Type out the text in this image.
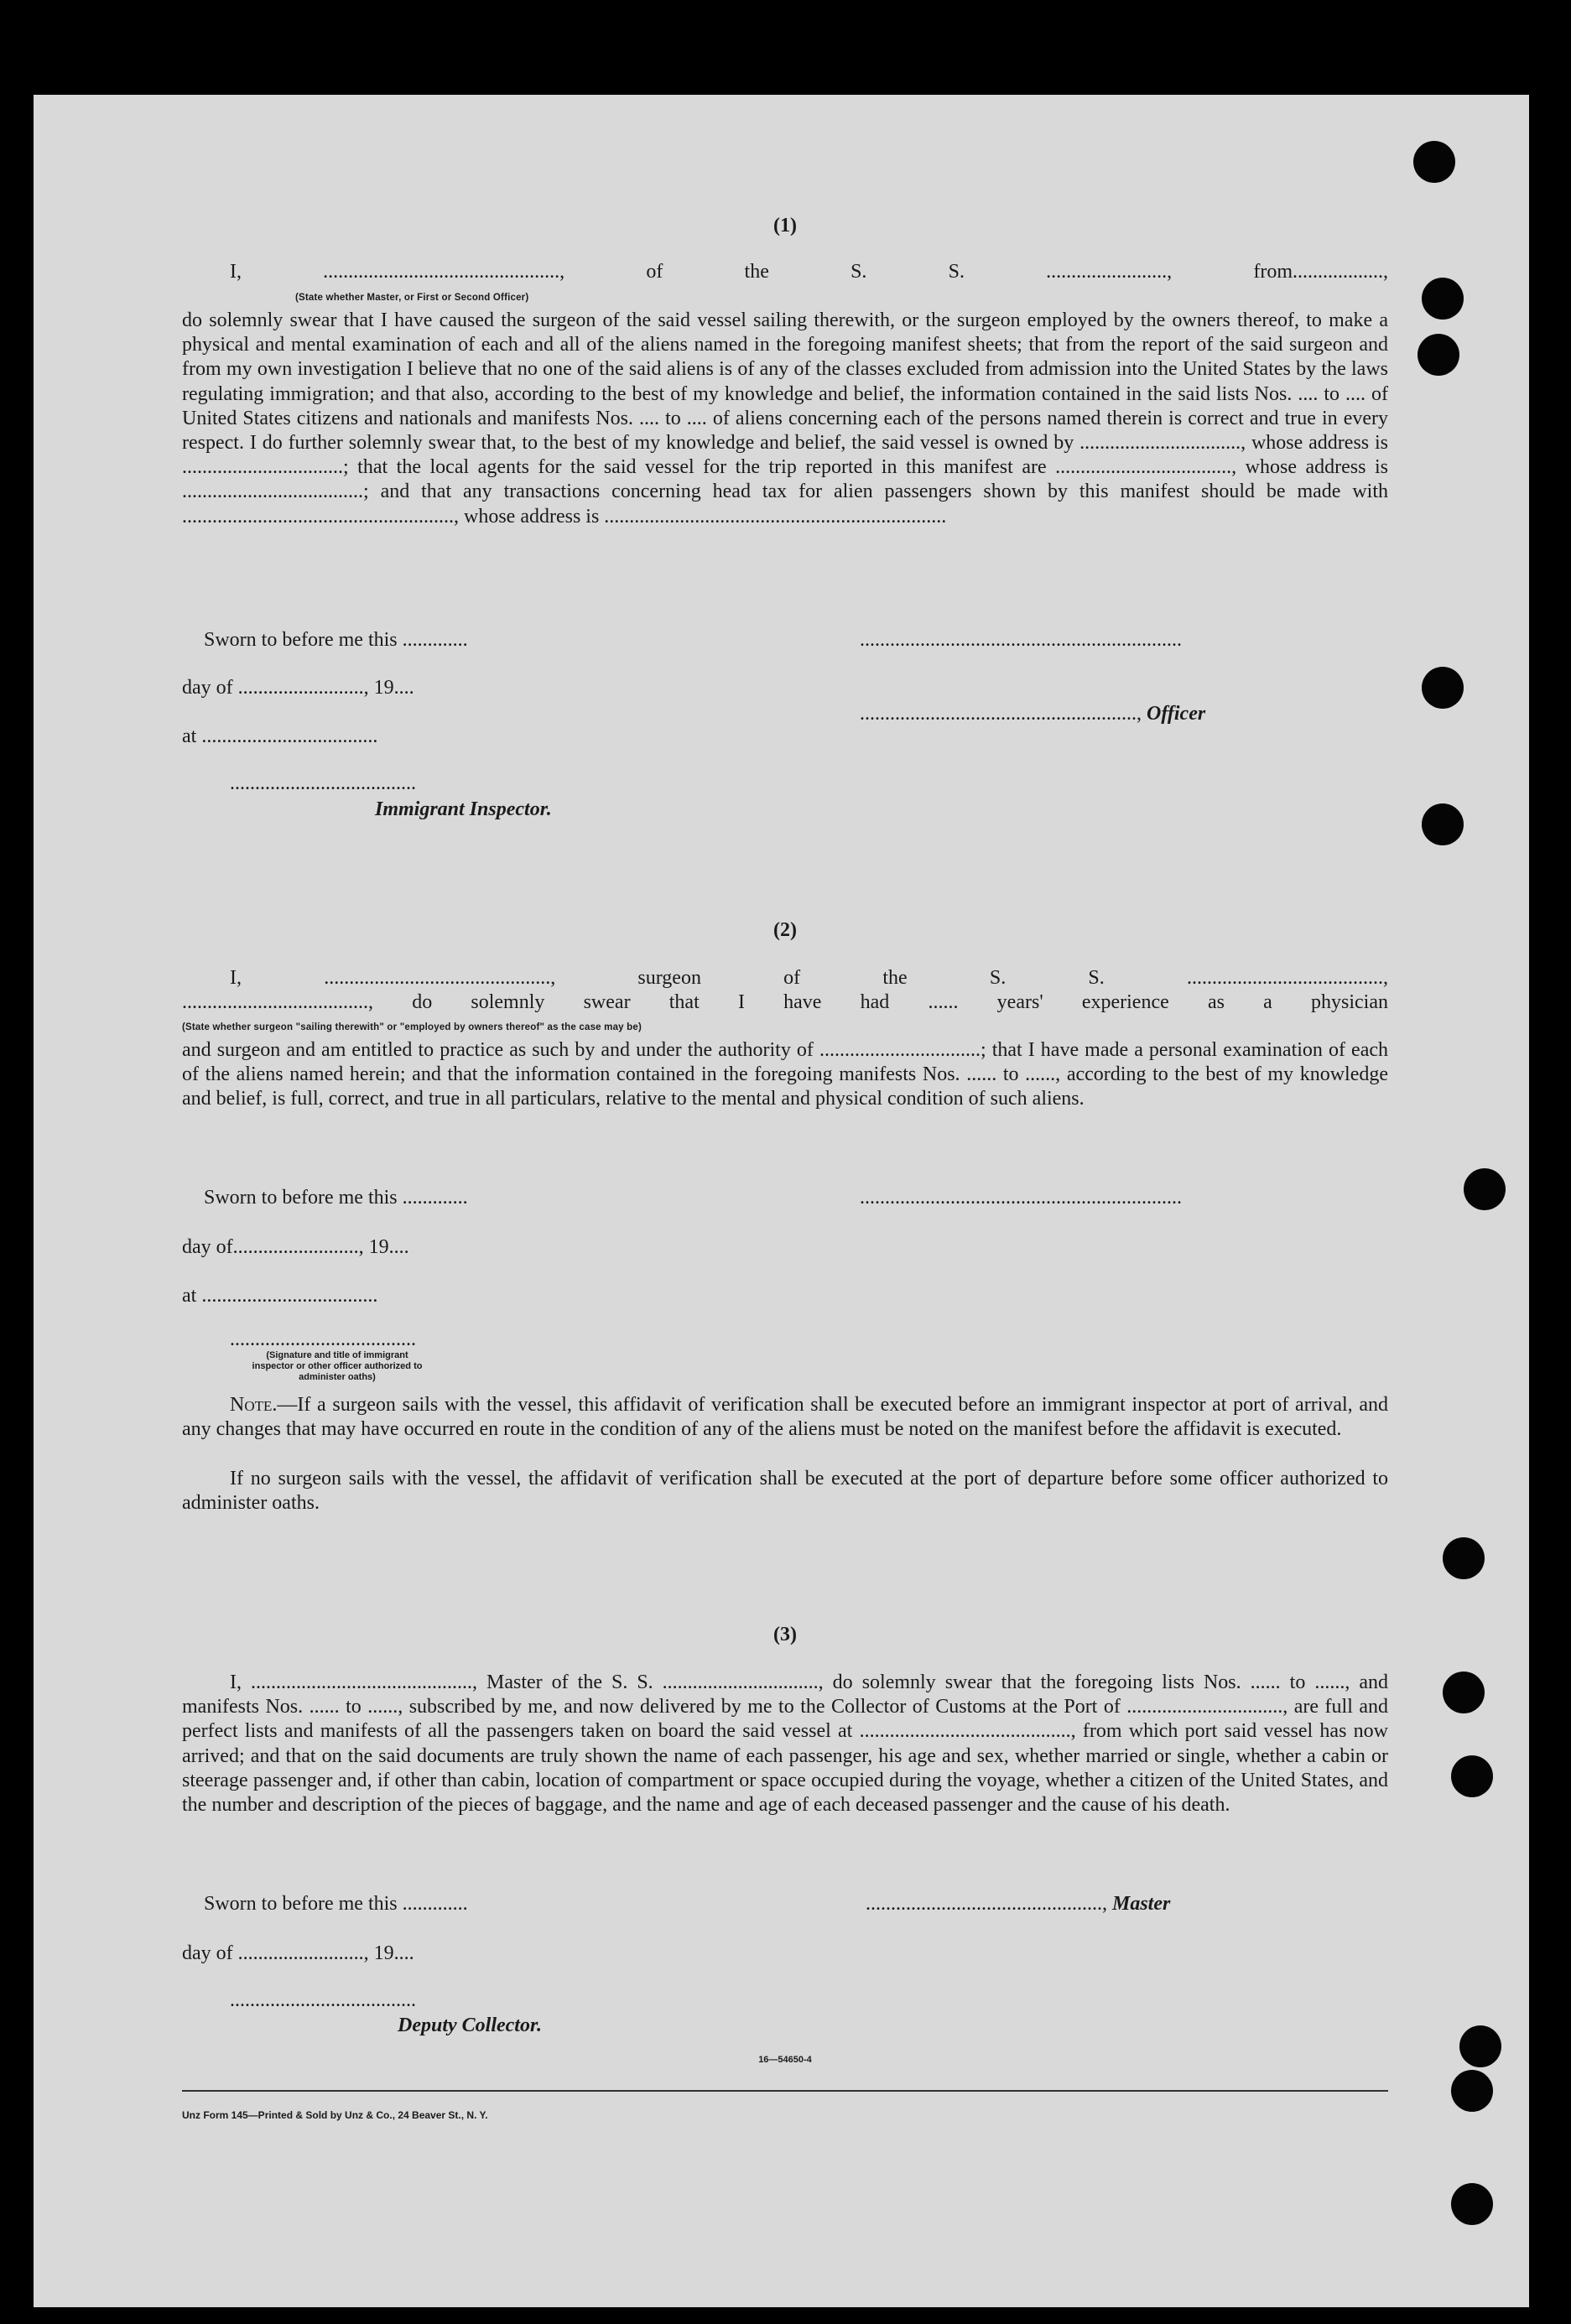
(1)
I, ..............................................., of the S. S. ........................, from..................,
(State whether Master, or First or Second Officer)
do solemnly swear that I have caused the surgeon of the said vessel sailing therewith, or the surgeon employed by the owners thereof, to make a physical and mental examination of each and all of the aliens named in the foregoing manifest sheets; that from the report of the said surgeon and from my own investigation I believe that no one of the said aliens is of any of the classes excluded from admission into the United States by the laws regulating immigration; and that also, according to the best of my knowledge and belief, the information contained in the said lists Nos. .... to .... of United States citizens and nationals and manifests Nos. .... to .... of aliens concerning each of the persons named therein is correct and true in every respect. I do further solemnly swear that, to the best of my knowledge and belief, the said vessel is owned by ................................, whose address is ................................; that the local agents for the said vessel for the trip reported in this manifest are ..................................., whose address is ....................................; and that any transactions concerning head tax for alien passengers shown by this manifest should be made with ......................................................, whose address is ....................................................................
Sworn to before me this .............	................................................................
day of ........................., 19....
......................................................., Officer
at ...................................
.....................................
Immigrant Inspector.
(2)
I, ............................................., surgeon of the S. S. .......................................,
....................................., do solemnly swear that I have had ...... years' experience as a physician
(State whether surgeon "sailing therewith" or "employed by owners thereof" as the case may be)
and surgeon and am entitled to practice as such by and under the authority of ................................; that I have made a personal examination of each of the aliens named herein; and that the information contained in the foregoing manifests Nos. ...... to ......, according to the best of my knowledge and belief, is full, correct, and true in all particulars, relative to the mental and physical condition of such aliens.
Sworn to before me this .............	................................................................
day of........................., 19....
at ...................................
.....................................
(Signature and title of immigrant inspector or other officer authorized to administer oaths)
Note.—If a surgeon sails with the vessel, this affidavit of verification shall be executed before an immigrant inspector at port of arrival, and any changes that may have occurred en route in the condition of any of the aliens must be noted on the manifest before the affidavit is executed.
If no surgeon sails with the vessel, the affidavit of verification shall be executed at the port of departure before some officer authorized to administer oaths.
(3)
I, ............................................, Master of the S. S. ..............................., do solemnly swear that the foregoing lists Nos. ...... to ......, and manifests Nos. ...... to ......, subscribed by me, and now delivered by me to the Collector of Customs at the Port of ..............................., are full and perfect lists and manifests of all the passengers taken on board the said vessel at .........................................., from which port said vessel has now arrived; and that on the said documents are truly shown the name of each passenger, his age and sex, whether married or single, whether a cabin or steerage passenger and, if other than cabin, location of compartment or space occupied during the voyage, whether a citizen of the United States, and the number and description of the pieces of baggage, and the name and age of each deceased passenger and the cause of his death.
Sworn to before me this .............	..............................................., Master
day of ........................., 19....
.....................................
Deputy Collector.
16—54650-4
Unz Form 145—Printed & Sold by Unz & Co., 24 Beaver St., N. Y.
